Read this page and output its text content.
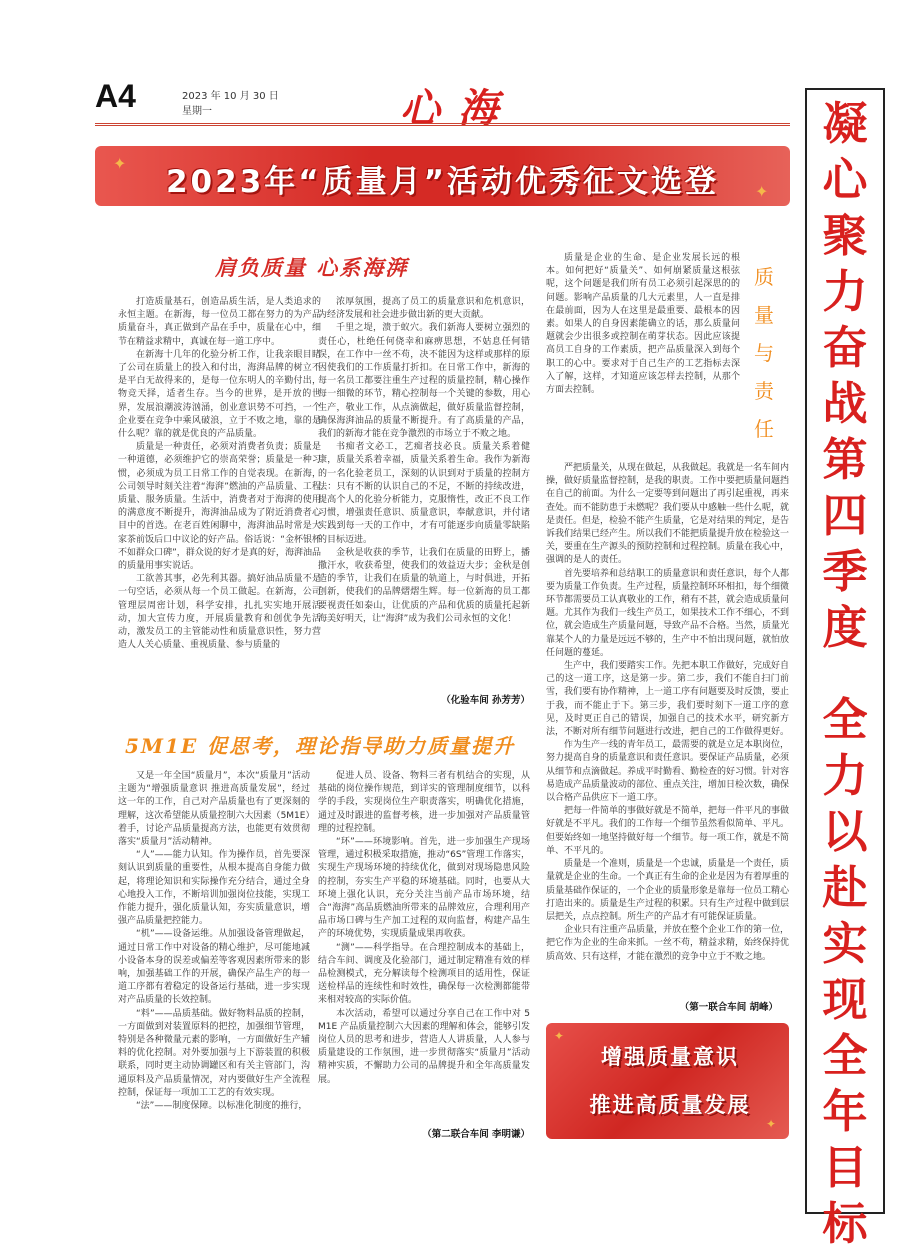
A4	2023 年 10 月 30 日
星期一	心海
✦
✦
2023年“质量月”活动优秀征文选登
肩负质量 心系海湃

打造质量基石，创造品质生活，是人类追求的永恒主题。在新海，每一位员工都在努力的为产品质量奋斗，真正做到产品在手中，质量在心中，细节在精益求精中，真诚在每一道工序中。

在新海十几年的化验分析工作，让我亲眼目睹了公司在质量上的投入和付出，海湃品牌的树立不是平白无故得来的，是每一位东明人的辛勤付出，物竞天择，适者生存。当今的世界，是开放的世界，发展浪潮波涛汹涌，创业意识势不可挡，一个企业要在竞争中乘风破浪，立于不败之地，靠的是什么呢？靠的就是优良的产品质量。

质量是一种责任，必须对消费者负责；质量是一种道德，必须维护它的崇高荣誉；质量是一种习惯，必须成为员工日常工作的自觉表现。在新海，公司领导时刻关注着“海湃”燃油的产品质量、工程质量、服务质量。生活中，消费者对于海湃的使用的满意度不断提升，海湃油品成为了附近消费者心目中的首选。在老百姓闲聊中，海湃油品时常是大家茶前饭后口中议论的好产品。俗话说：“金杯银杯不如群众口碑”，群众说的好才是真的好，海湃油品的质量用事实说话。

工欲善其事，必先利其器。搞好油品质量不是一句空话，必须从每一个员工做起。在新海，公司管理层周密计划，科学安排，扎扎实实地开展活动，加大宣传力度，开展质量教育和创优争先活动，激发员工的主管能动性和质量意识性，努力营造人人关心质量、重视质量、参与质量的

浓厚氛围，提高了员工的质量意识和危机意识，为经济发展和社会进步做出新的更大贡献。

千里之堤，溃于蚁穴。我们新海人要树立强烈的责任心，杜绝任何侥幸和麻痹思想，不姑息任何错误，在工作中一丝不苟，决不能因为这样或那样的原因使我们的工作质量打折扣。在日常工作中，新海的每一名员工都要注重生产过程的质量控制，精心操作每一细微的环节，精心控制每一个关键的参数，用心生产，敬业工作，从点滴做起，做好质量监督控制，确保海湃油品的质量不断提升。有了高质量的产品，我们的新海才能在竞争激烈的市场立于不败之地。

书痴者文必工，艺痴者技必良。质量关系着健康，质量关系着幸福，质量关系着生命。我作为新海的一名化验老员工，深刻的认识到对于质量的控制方法：只有不断的认识自己的不足，不断的持续改进，提高个人的化验分析能力，克服惰性，改正不良工作习惯，增强责任意识、质量意识，奉献意识，并付诸实践到每一天的工作中，才有可能逐步向质量零缺陷的目标迈进。

金秋是收获的季节，让我们在质量的田野上，播撒汗水，收获希望，使我们的效益迈大步；金秋是创造的季节，让我们在质量的轨道上，与时俱进，开拓创新，使我们的品牌熠熠生辉。每一位新海的员工都要视责任如泰山，让优质的产品和优质的质量托起新海美好明天，让“海湃”成为我们公司永恒的文化！

（化验车间 孙芳芳）
5M1E 促思考，理论指导助力质量提升

又是一年全国“质量月”，本次“质量月”活动主题为“增强质量意识 推进高质量发展”，经过这一年的工作，自己对产品质量也有了更深刻的理解，这次希望能从质量控制六大因素（5M1E）着手，讨论产品质量提高方法，也能更有效贯彻落实“质量月”活动精神。

“人”——能力认知。作为操作员，首先要深刻认识到质量的重要性，从根本提高自身能力做起，将理论知识和实际操作充分结合，通过全身心地投入工作，不断培训加强岗位技能，实现工作能力提升，强化质量认知，夯实质量意识，增强产品质量把控能力。

“机”——设备运维。从加强设备管理做起，通过日常工作中对设备的精心维护，尽可能地减小设备本身的误差或偏差等客观因素所带来的影响，加强基础工作的开展，确保产品生产的每一道工序都有着稳定的设备运行基础，进一步实现对产品质量的长效控制。

“料”——品质基础。做好物料品质的控制，一方面做到对装置原料的把控，加强细节管理，特别是各种微量元素的影响，一方面做好生产辅料的优化控制。对外要加强与上下游装置的积极联系，同时更主动协调罐区和有关主管部门，沟通原料及产品质量情况，对内要做好生产全流程控制，保证每一项加工工艺的有效实现。

“法”——制度保障。以标准化制度的推行，

促进人员、设备、物料三者有机结合的实现，从基础的岗位操作规范，到详实的管理制度细节，以科学的手段，实现岗位生产职责落实，明确优化措施，通过及时跟进的监督考核，进一步加强对产品质量管理的过程控制。

“环”——环境影响。首先，进一步加强生产现场管理，通过积极采取措施，推动“6S”管理工作落实，实现生产现场环境的持续优化，做到对现场隐患风险的控制，夯实生产平稳的环境基础。同时，也要从大环境上强化认识，充分关注当前产品市场环境，结合“海湃”高品质燃油所带来的品牌效应，合理利用产品市场口碑与生产加工过程的双向监督，构建产品生产的环境优势，实现质量成果再收获。

“测”——科学指导。在合理控制成本的基础上，结合车间、调度及化验部门，通过制定精准有效的样品检测模式，充分解读每个检测项目的适用性，保证送检样品的连续性和时效性，确保每一次检测都能带来相对较高的实际价值。

本次活动，希望可以通过分享自己在工作中对 5M1E 产品质量控制六大因素的理解和体会，能够引发岗位人员的思考和进步，营造人人讲质量，人人参与质量建设的工作氛围，进一步贯彻落实“质量月”活动精神实质，不懈助力公司的品牌提升和全年高质量发展。

（第二联合车间 李明谦）

质量是企业的生命、是企业发展长远的根本。如何把好“质量关”、如何崩紧质量这根弦呢，这个问题是我们所有员工必须引起深思的的问题。影响产品质量的几大元素里，人一直是排在最前面，因为人在这里是最重要、最根本的因素。如果人的自身因素能确立的话，那么质量问题就会少出很多或控制在萌芽状态。因此应该提高员工自身的工作素质，把产品质量深入到每个职工的心中。要求对于自己生产的工艺指标去深入了解，这样，才知道应该怎样去控制，从那个方面去控制。

质
量
与
责
任

严把质量关，从现在做起，从我做起。我就是一名车间内操，做好质量监督控制，是我的职责。工作中要把质量问题挡在自己的前面。为什么一定要等到问题出了再引起重视，再来查处。而不能防患于未燃呢？我们要从中感触一些什么呢，就是责任。但是，检验不能产生质量，它是对结果的判定，是告诉我们结果已经产生。所以我们不能把质量提升放在检验这一关，要重在生产源头的预防控制和过程控制。质量在我心中，强调的是人的责任。

首先要培养和总结职工的质量意识和责任意识，每个人都要为质量工作负责。生产过程，质量控制环环相扣，每个细微环节都需要员工认真敬业的工作，稍有不甚，就会造成质量问题。尤其作为我们一线生产员工，如果技术工作不细心，不到位，就会造成生产质量问题，导致产品不合格。当然，质量光靠某个人的力量是远远不够的，生产中不怕出现问题，就怕放任问题的蔓延。

生产中，我们要踏实工作。先把本职工作做好，完成好自己的这一道工序，这是第一步。第二步，我们不能自扫门前雪，我们要有协作精神，上一道工序有问题要及时反馈，要止于我，而不能止于下。第三步，我们要时刻下一道工序的意见，及时更正自己的错误，加强自己的技术水平，研究新方法，不断对所有细节问题进行改进，把自己的工作做得更好。

作为生产一线的青年员工，最需要的就是立足本职岗位，努力提高自身的质量意识和责任意识。要保证产品质量，必须从细节和点滴做起。养成平时勤看、勤检查的好习惯。针对容易造成产品质量波动的部位、重点关注，增加日检次数，确保以合格产品供应下一道工序。

把每一件简单的事做好就是不简单，把每一件平凡的事做好就是不平凡。我们的工作每一个细节虽然看似简单、平凡。但要始终如一地坚持做好每一个细节。每一项工作，就是不简单、不平凡的。

质量是一个准则，质量是一个忠诚，质量是一个责任，质量就是企业的生命。一个真正有生命的企业是因为有着厚重的质量基础作保证的，一个企业的质量形象是靠每一位员工精心打造出来的。质量是生产过程的积累。只有生产过程中做到层层把关，点点控制。所生产的产品才有可能保证质量。

企业只有注重产品质量，并放在整个企业工作的第一位，把它作为企业的生命来抓。一丝不苟，精益求精，始终保持优质高效、只有这样，才能在激烈的竞争中立于不败之地。

（第一联合车间 胡峰）
✦
✦
增强质量意识
推进高质量发展
凝
心
聚
力
奋
战
第
四
季
度
全
力
以
赴
实
现
全
年
目
标
